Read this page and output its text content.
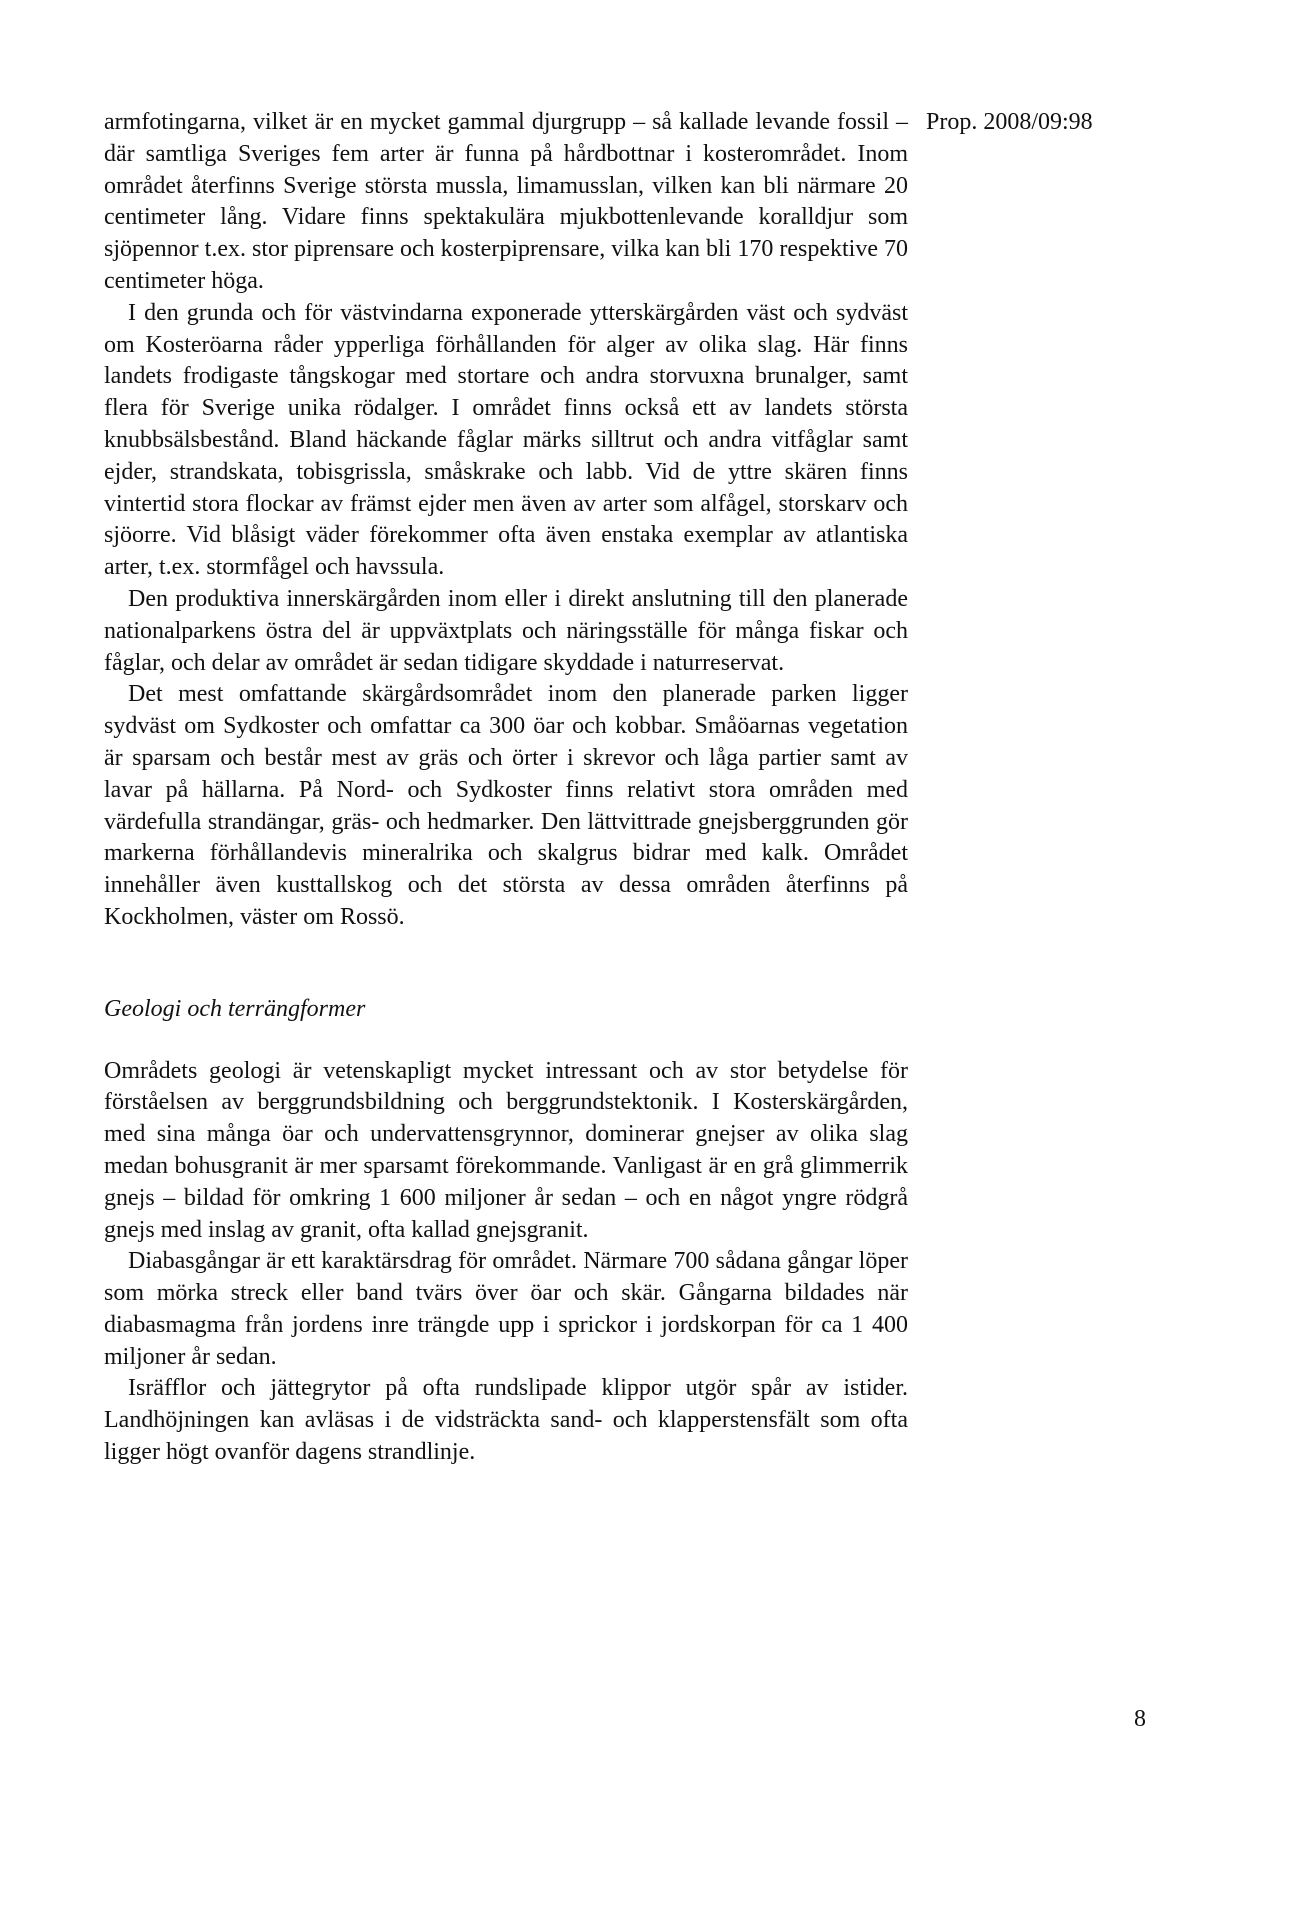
Prop. 2008/09:98

armfotingarna, vilket är en mycket gammal djurgrupp – så kallade levande fossil – där samtliga Sveriges fem arter är funna på hårdbottnar i kosterområdet. Inom området återfinns Sverige största mussla, limamusslan, vilken kan bli närmare 20 centimeter lång. Vidare finns spektakulära mjukbottenlevande koralldjur som sjöpennor t.ex. stor piprensare och kosterpiprensare, vilka kan bli 170 respektive 70 centimeter höga.

I den grunda och för västvindarna exponerade ytterskärgården väst och sydväst om Kosteröarna råder ypperliga förhållanden för alger av olika slag. Här finns landets frodigaste tångskogar med stortare och andra storvuxna brunalger, samt flera för Sverige unika rödalger. I området finns också ett av landets största knubbsälsbestånd. Bland häckande fåglar märks silltrut och andra vitfåglar samt ejder, strandskata, tobisgrissla, småskrake och labb. Vid de yttre skären finns vintertid stora flockar av främst ejder men även av arter som alfågel, storskarv och sjöorre. Vid blåsigt väder förekommer ofta även enstaka exemplar av atlantiska arter, t.ex. stormfågel och havssula.

Den produktiva innerskärgården inom eller i direkt anslutning till den planerade nationalparkens östra del är uppväxtplats och näringsställe för många fiskar och fåglar, och delar av området är sedan tidigare skyddade i naturreservat.

Det mest omfattande skärgårdsområdet inom den planerade parken ligger sydväst om Sydkoster och omfattar ca 300 öar och kobbar. Småöarnas vegetation är sparsam och består mest av gräs och örter i skrevor och låga partier samt av lavar på hällarna. På Nord- och Sydkoster finns relativt stora områden med värdefulla strandängar, gräs- och hedmarker. Den lättvittrade gnejsberggrunden gör markerna förhållandevis mineralrika och skalgrus bidrar med kalk. Området innehåller även kusttallskog och det största av dessa områden återfinns på Kockholmen, väster om Rossö.

Geologi och terrängformer

Områdets geologi är vetenskapligt mycket intressant och av stor betydelse för förståelsen av berggrundsbildning och berggrundstektonik. I Kosterskärgården, med sina många öar och undervattensgrynnor, dominerar gnejser av olika slag medan bohusgranit är mer sparsamt förekommande. Vanligast är en grå glimmerrik gnejs – bildad för omkring 1 600 miljoner år sedan – och en något yngre rödgrå gnejs med inslag av granit, ofta kallad gnejsgranit.

Diabasgångar är ett karaktärsdrag för området. Närmare 700 sådana gångar löper som mörka streck eller band tvärs över öar och skär. Gångarna bildades när diabasmagma från jordens inre trängde upp i sprickor i jordskorpan för ca 1 400 miljoner år sedan.

Isräfflor och jättegrytor på ofta rundslipade klippor utgör spår av istider. Landhöjningen kan avläsas i de vidsträckta sand- och klapperstensfält som ofta ligger högt ovanför dagens strandlinje.

8
